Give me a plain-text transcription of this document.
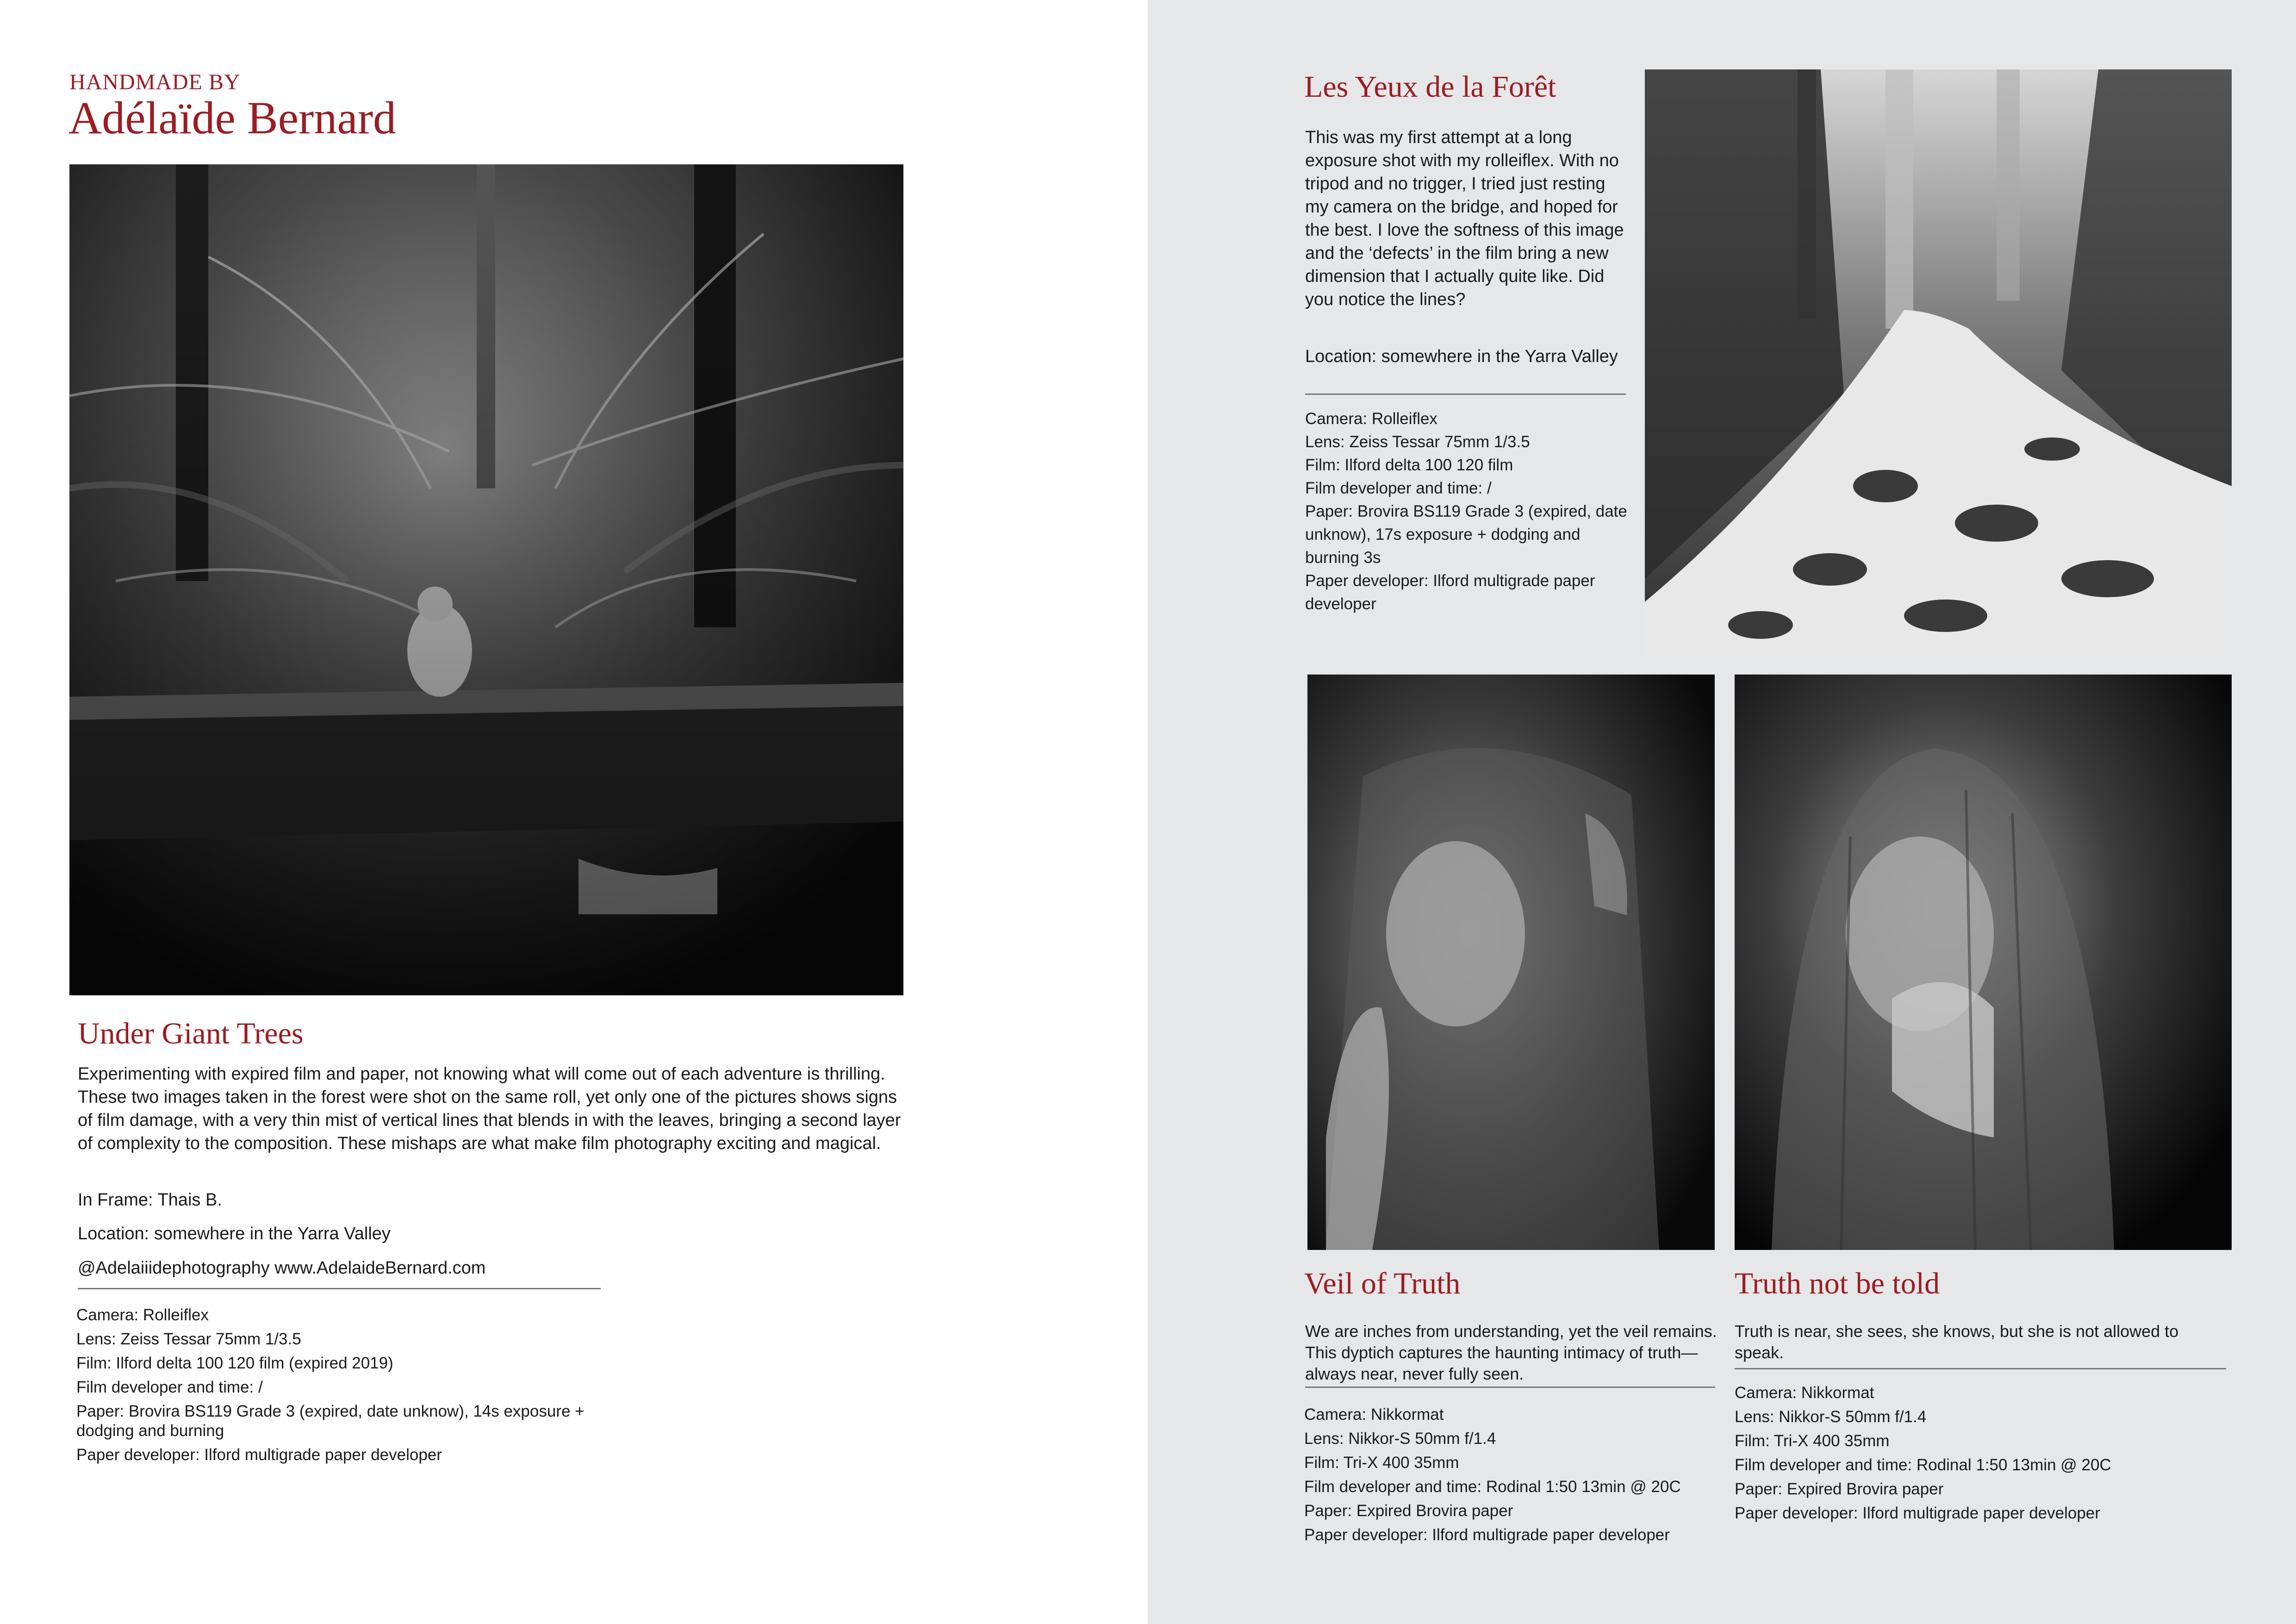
HANDMADE BY
Adélaïde Bernard
Under Giant Trees

Experimenting with expired film and paper, not knowing what will come out of each adventure is thrilling. These two images taken in the forest were shot on the same roll, yet only one of the pictures shows signs of film damage, with a very thin mist of vertical lines that blends in with the leaves, bringing a second layer of complexity to the composition. These mishaps are what make film photography exciting and magical.

In Frame: Thais B.

Location: somewhere in the Yarra Valley

@Adelaiiidephotography www.AdelaideBernard.com

Camera: Rolleiflex

Lens: Zeiss Tessar 75mm 1/3.5

Film: Ilford delta 100 120 film (expired 2019)

Film developer and time: /

Paper: Brovira BS119 Grade 3 (expired, date unknow), 14s exposure + dodging and burning

Paper developer: Ilford multigrade paper developer

Les Yeux de la Forêt

This was my first attempt at a long exposure shot with my rolleiflex. With no tripod and no trigger, I tried just resting my camera on the bridge, and hoped for the best. I love the softness of this image and the ‘defects’ in the film bring a new dimension that I actually quite like. Did you notice the lines?

Location: somewhere in the Yarra Valley

Camera: Rolleiflex

Lens: Zeiss Tessar 75mm 1/3.5

Film: Ilford delta 100 120 film

Film developer and time: /

Paper: Brovira BS119 Grade 3 (expired, date unknow), 17s exposure + dodging and burning 3s

Paper developer: Ilford multigrade paper developer

Veil of Truth

We are inches from understanding, yet the veil remains. This dyptich captures the haunting intimacy of truth—always near, never fully seen.

Camera: Nikkormat

Lens: Nikkor-S 50mm f/1.4

Film: Tri-X 400 35mm

Film developer and time: Rodinal 1:50 13min @ 20C

Paper: Expired Brovira paper

Paper developer: Ilford multigrade paper developer

Truth not be told

Truth is near, she sees, she knows, but she is not allowed to speak.

Camera: Nikkormat

Lens: Nikkor-S 50mm f/1.4

Film: Tri-X 400 35mm

Film developer and time: Rodinal 1:50 13min @ 20C

Paper: Expired Brovira paper

Paper developer: Ilford multigrade paper developer
